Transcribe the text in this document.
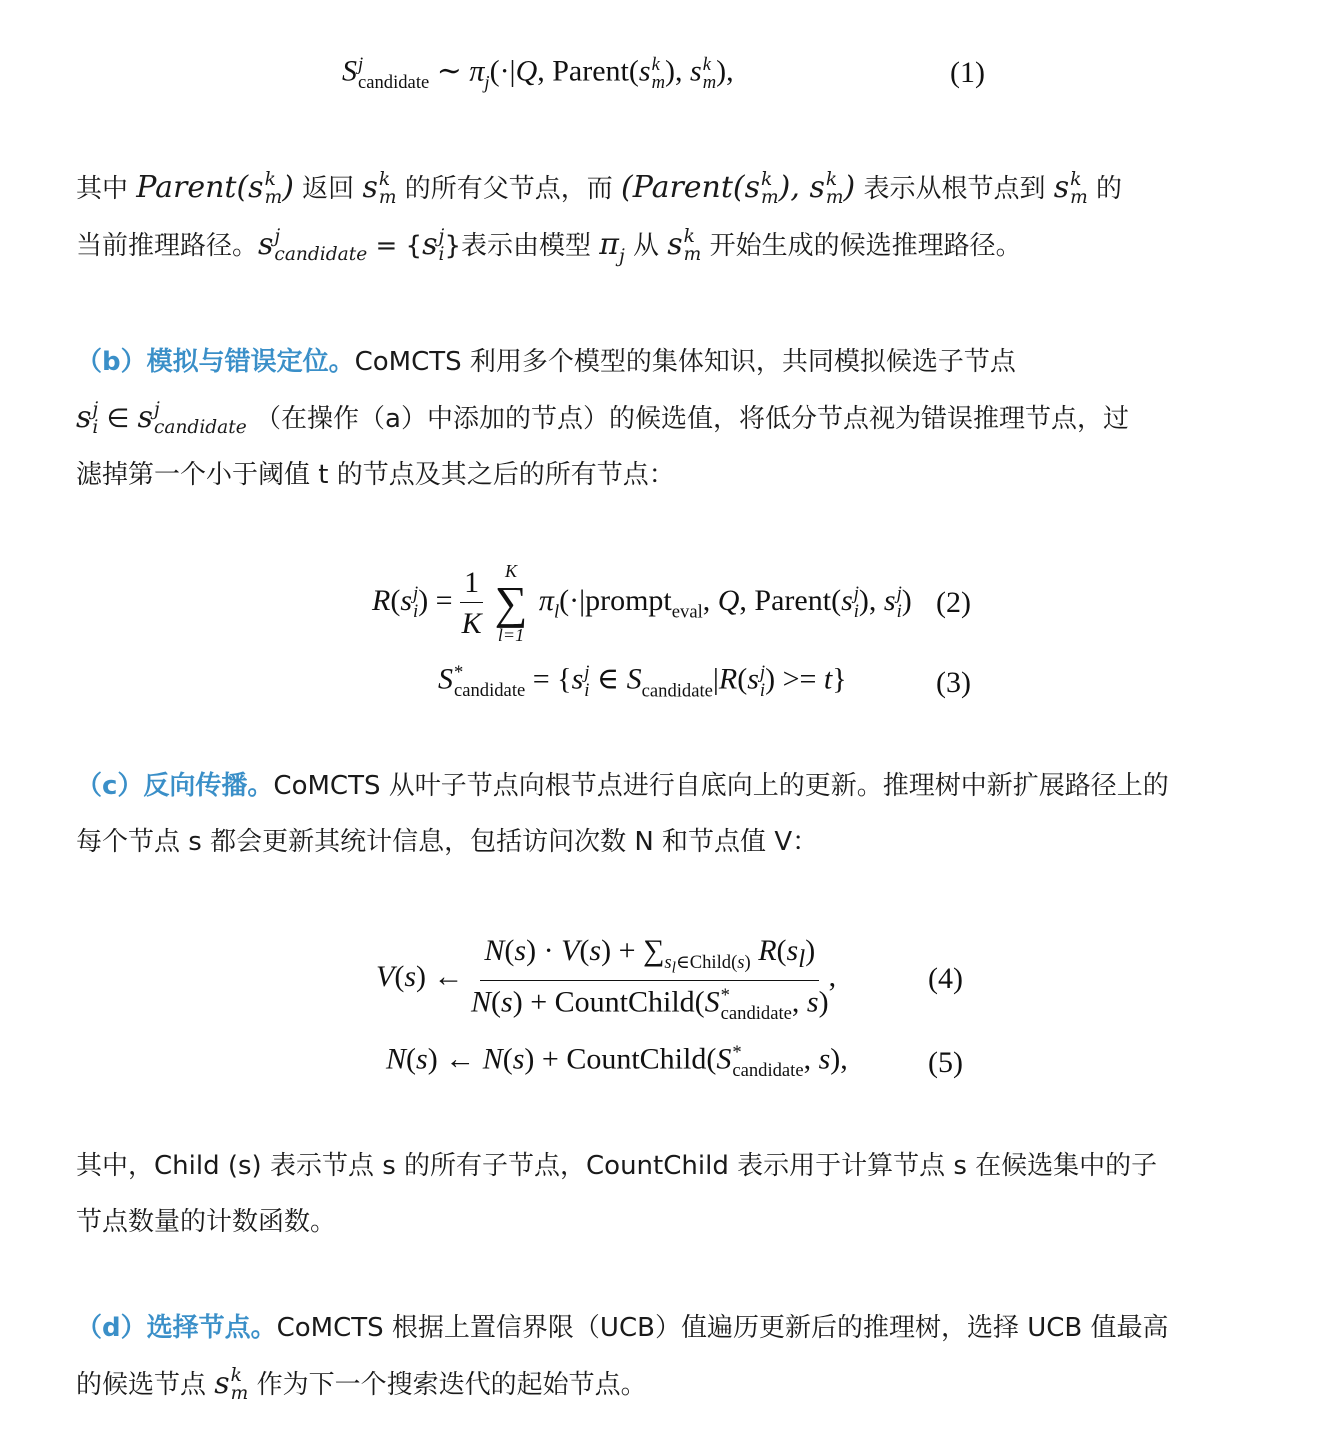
S j
candidate ∼ $\pi_j(\cdot|Q$, Parent(s k
m ), s k
m ),	(1)
其中 Parent(s k
m ) 返回 s k
m 的所有父节点，而 (Parent(s k
m ), s k
m ) 表示从根节点到 s k
m 的
当前推理路径。s j
candidate = {s j
i }表示由模型 $\pi_j$ 从 s k
m 开始生成的候选推理路径。
（b）模拟与错误定位。CoMCTS 利用多个模型的集体知识，共同模拟候选子节点
s j
i ∈ s j
candidate （在操作（a）中添加的节点）的候选值，将低分节点视为错误推理节点，过
滤掉第一个小于阈值 t 的节点及其之后的所有节点：
R(s j
i ) = $\frac{1}{K}$
K
∑
l=1
$\pi_l(\cdot|prompt_{eval}$, Q, Parent(s j
i ), s j
i ) (2)
S *
candidate = {s j
i ∈ $S_{candidate}|R(s$ j
i ) >= t}	(3)
（c）反向传播。CoMCTS 从叶子节点向根节点进行自底向上的更新。推理树中新扩展路径上的
每个节点 s 都会更新其统计信息，包括访问次数 N 和节点值 V：
V(s) ← $N(s) \cdot V(s) + \sum_{s_l\in Child(s)}$ $R(s_l)$
N(s) + CountChild(S *
candidate , s) ,	(4)
N(s) ← N(s) + CountChild(S *
candidate , s),	(5)
其中，Child (s) 表示节点 s 的所有子节点，CountChild 表示用于计算节点 s 在候选集中的子
节点数量的计数函数。
（d）选择节点。CoMCTS 根据上置信界限（UCB）值遍历更新后的推理树，选择 UCB 值最高
的候选节点 s k
m 作为下一个搜索迭代的起始节点。
